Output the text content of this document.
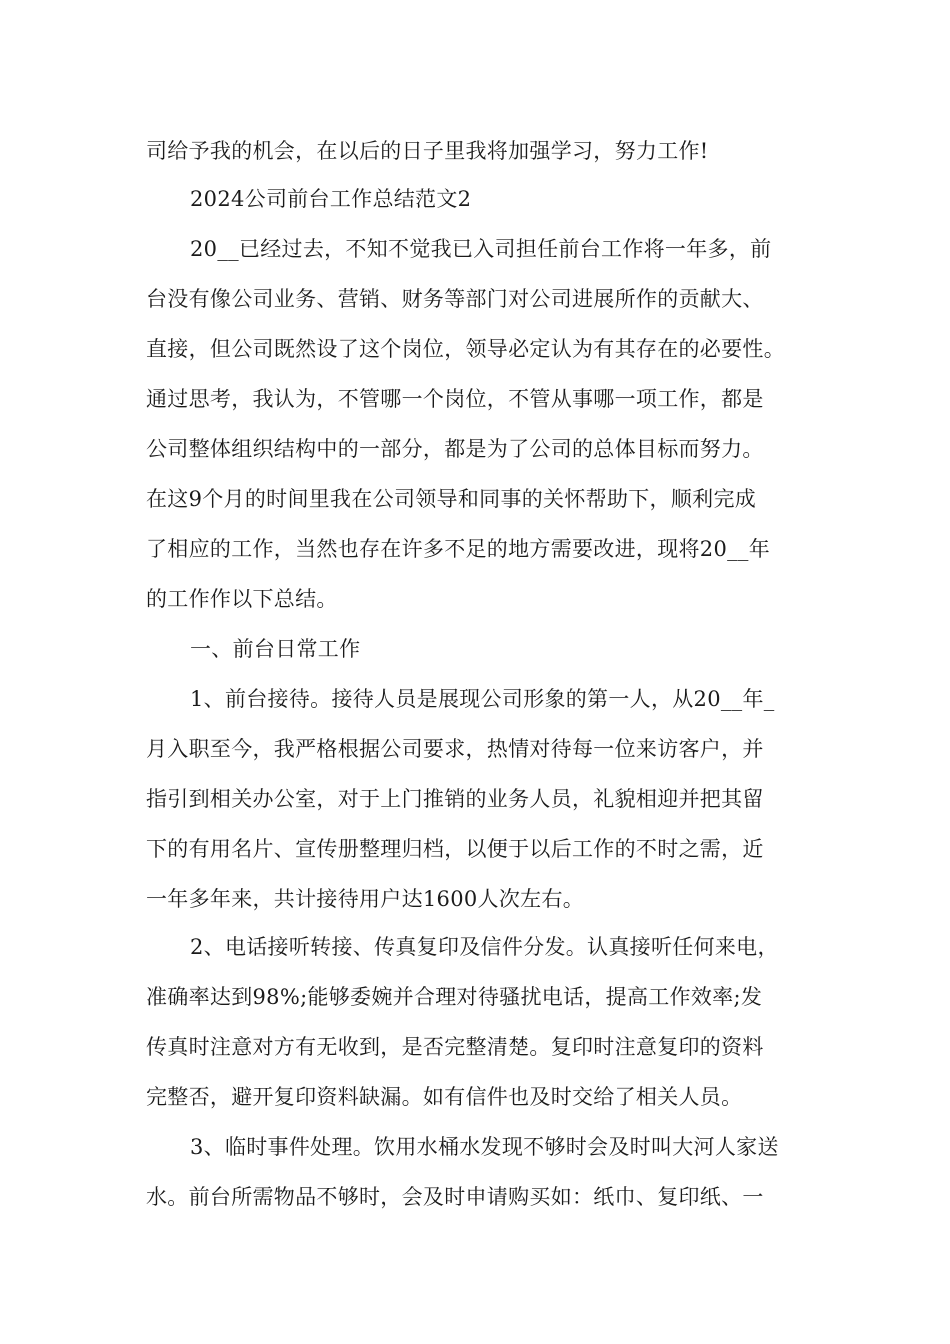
司给予我的机会，在以后的日子里我将加强学习，努力工作!
2024公司前台工作总结范文2
20__已经过去，不知不觉我已入司担任前台工作将一年多，前
台没有像公司业务、营销、财务等部门对公司进展所作的贡献大、
直接，但公司既然设了这个岗位，领导必定认为有其存在的必要性。
通过思考，我认为，不管哪一个岗位，不管从事哪一项工作，都是
公司整体组织结构中的一部分，都是为了公司的总体目标而努力。
在这9个月的时间里我在公司领导和同事的关怀帮助下，顺利完成
了相应的工作，当然也存在许多不足的地方需要改进，现将20__年
的工作作以下总结。
一、前台日常工作
1、前台接待。接待人员是展现公司形象的第一人，从20__年_
月入职至今，我严格根据公司要求，热情对待每一位来访客户，并
指引到相关办公室，对于上门推销的业务人员，礼貌相迎并把其留
下的有用名片、宣传册整理归档，以便于以后工作的不时之需，近
一年多年来，共计接待用户达1600人次左右。
2、电话接听转接、传真复印及信件分发。认真接听任何来电，
准确率达到98%;能够委婉并合理对待骚扰电话，提高工作效率;发
传真时注意对方有无收到，是否完整清楚。复印时注意复印的资料
完整否，避开复印资料缺漏。如有信件也及时交给了相关人员。
3、临时事件处理。饮用水桶水发现不够时会及时叫大河人家送
水。前台所需物品不够时，会及时申请购买如：纸巾、复印纸、一
